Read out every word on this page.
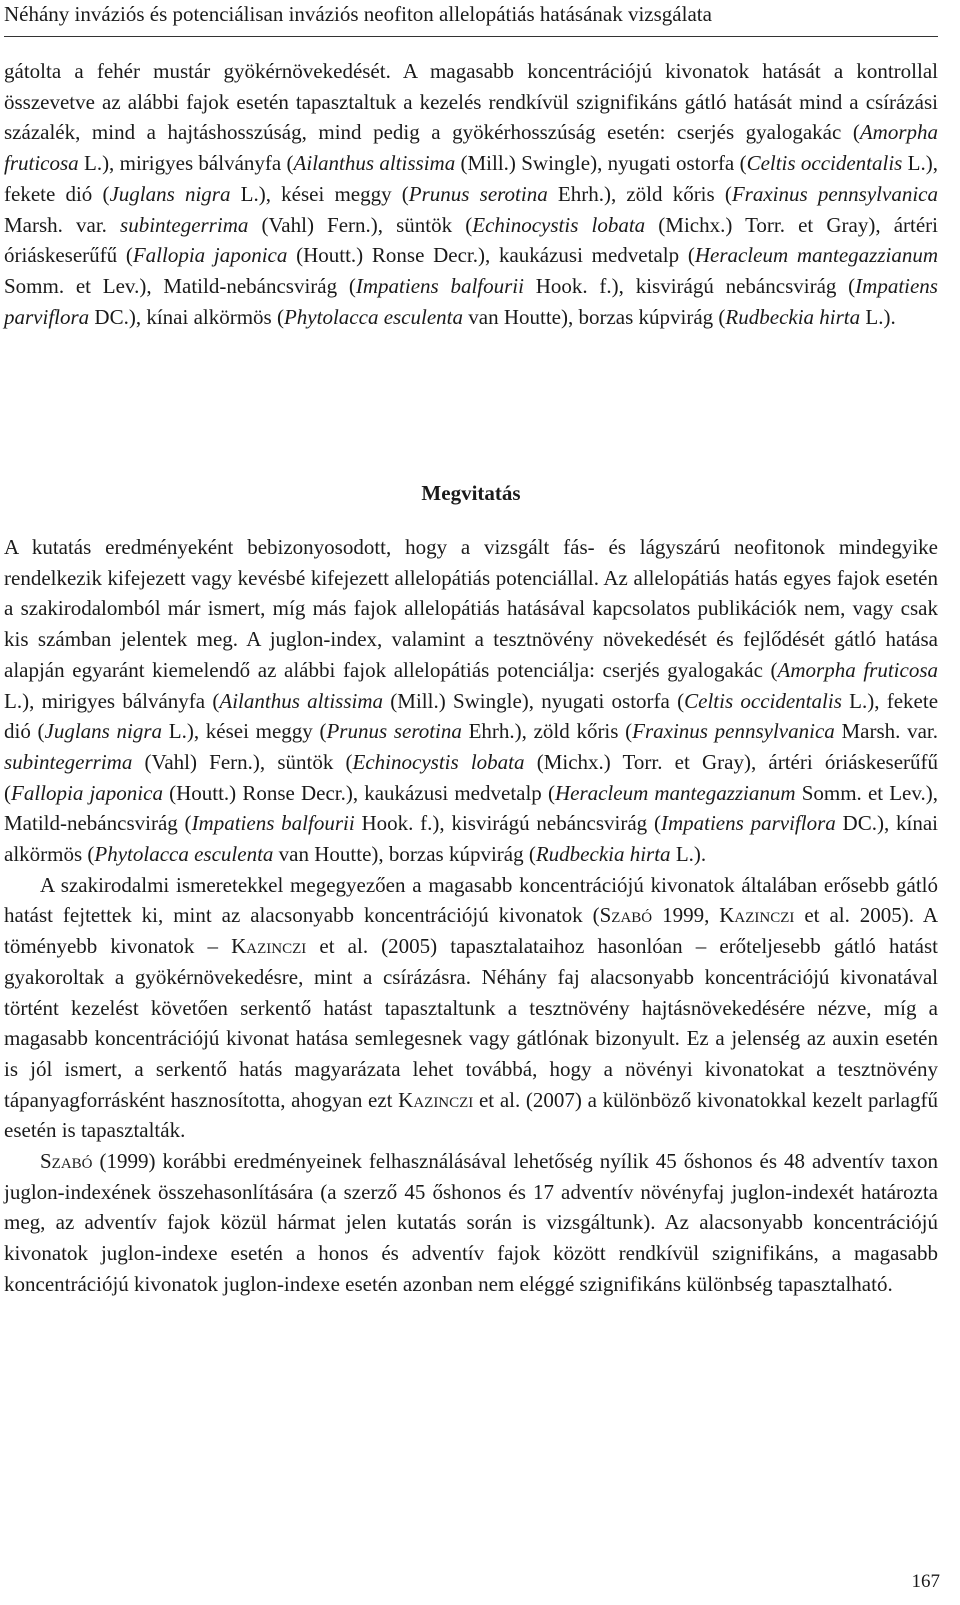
Néhány inváziós és potenciálisan inváziós neofiton allelopátiás hatásának vizsgálata

gátolta a fehér mustár gyökérnövekedését. A magasabb koncentrációjú kivonatok hatását a kontrollal összevetve az alábbi fajok esetén tapasztaltuk a kezelés rendkívül szignifikáns gátló hatását mind a csírázási százalék, mind a hajtáshosszúság, mind pedig a gyökérhosszúság esetén: cserjés gyalogakác (Amorpha fruticosa L.), mirigyes bálványfa (Ailanthus altissima (Mill.) Swingle), nyugati ostorfa (Celtis occidentalis L.), fekete dió (Juglans nigra L.), kései meggy (Prunus serotina Ehrh.), zöld kőris (Fraxinus pennsylvanica Marsh. var. subintegerrima (Vahl) Fern.), süntök (Echinocystis lobata (Michx.) Torr. et Gray), ártéri óriáskeserűfű (Fallopia japonica (Houtt.) Ronse Decr.), kaukázusi medvetalp (Heracleum mantegazzianum Somm. et Lev.), Matild-nebáncsvirág (Impatiens balfourii Hook. f.), kisvirágú nebáncsvirág (Impatiens parviflora DC.), kínai alkörmös (Phytolacca esculenta van Houtte), borzas kúpvirág (Rudbeckia hirta L.).

Megvitatás

A kutatás eredményeként bebizonyosodott, hogy a vizsgált fás- és lágyszárú neofitonok mindegyike rendelkezik kifejezett vagy kevésbé kifejezett allelopátiás potenciállal. Az allelopátiás hatás egyes fajok esetén a szakirodalomból már ismert, míg más fajok allelopátiás hatásával kapcsolatos publikációk nem, vagy csak kis számban jelentek meg. A juglon-index, valamint a tesztnövény növekedését és fejlődését gátló hatása alapján egyaránt kiemelendő az alábbi fajok allelopátiás potenciálja: cserjés gyalogakác (Amorpha fruticosa L.), mirigyes bálványfa (Ailanthus altissima (Mill.) Swingle), nyugati ostorfa (Celtis occidentalis L.), fekete dió (Juglans nigra L.), kései meggy (Prunus serotina Ehrh.), zöld kőris (Fraxinus pennsylvanica Marsh. var. subintegerrima (Vahl) Fern.), süntök (Echinocystis lobata (Michx.) Torr. et Gray), ártéri óriáskeserűfű (Fallopia japonica (Houtt.) Ronse Decr.), kaukázusi medvetalp (Heracleum mantegazzianum Somm. et Lev.), Matild-nebáncsvirág (Impatiens balfourii Hook. f.), kisvirágú nebáncsvirág (Impatiens parviflora DC.), kínai alkörmös (Phytolacca esculenta van Houtte), borzas kúpvirág (Rudbeckia hirta L.).

A szakirodalmi ismeretekkel megegyezően a magasabb koncentrációjú kivonatok általában erősebb gátló hatást fejtettek ki, mint az alacsonyabb koncentrációjú kivonatok (Szabó 1999, Kazinczi et al. 2005). A töményebb kivonatok – Kazinczi et al. (2005) tapasztalataihoz hasonlóan – erőteljesebb gátló hatást gyakoroltak a gyökérnövekedésre, mint a csírázásra. Néhány faj alacsonyabb koncentrációjú kivonatával történt kezelést követően serkentő hatást tapasztaltunk a tesztnövény hajtásnövekedésére nézve, míg a magasabb koncentrációjú kivonat hatása semlegesnek vagy gátlónak bizonyult. Ez a jelenség az auxin esetén is jól ismert, a serkentő hatás magyarázata lehet továbbá, hogy a növényi kivonatokat a tesztnövény tápanyagforrásként hasznosította, ahogyan ezt Kazinczi et al. (2007) a különböző kivonatokkal kezelt parlagfű esetén is tapasztalták.

Szabó (1999) korábbi eredményeinek felhasználásával lehetőség nyílik 45 őshonos és 48 adventív taxon juglon-indexének összehasonlítására (a szerző 45 őshonos és 17 adventív növényfaj juglon-indexét határozta meg, az adventív fajok közül hármat jelen kutatás során is vizsgáltunk). Az alacsonyabb koncentrációjú kivonatok juglon-indexe esetén a honos és adventív fajok között rendkívül szignifikáns, a magasabb koncentrációjú kivonatok juglon-indexe esetén azonban nem eléggé szignifikáns különbség tapasztalható.

167
